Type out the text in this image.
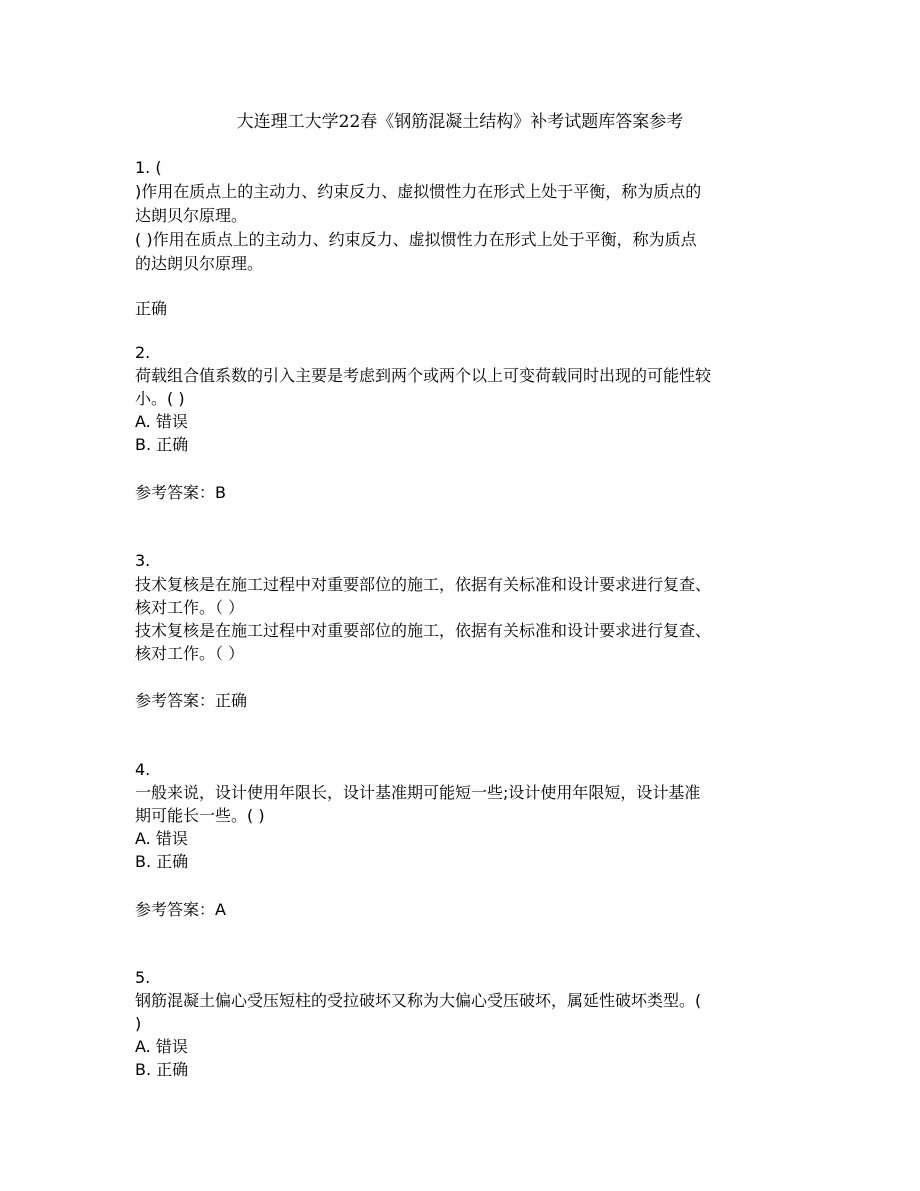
大连理工大学22春《钢筋混凝土结构》补考试题库答案参考
1. (
)作用在质点上的主动力、约束反力、虚拟惯性力在形式上处于平衡，称为质点的
达朗贝尔原理。
( )作用在质点上的主动力、约束反力、虚拟惯性力在形式上处于平衡，称为质点
的达朗贝尔原理。
正确
2.
荷载组合值系数的引入主要是考虑到两个或两个以上可变荷载同时出现的可能性较
小。( )
A. 错误
B. 正确
参考答案：B
3.
技术复核是在施工过程中对重要部位的施工，依据有关标准和设计要求进行复查、
核对工作。（ ）
技术复核是在施工过程中对重要部位的施工，依据有关标准和设计要求进行复查、
核对工作。（ ）
参考答案：正确
4.
一般来说，设计使用年限长，设计基准期可能短一些;设计使用年限短，设计基准
期可能长一些。( )
A. 错误
B. 正确
参考答案：A
5.
钢筋混凝土偏心受压短柱的受拉破坏又称为大偏心受压破坏，属延性破坏类型。(
)
A. 错误
B. 正确
